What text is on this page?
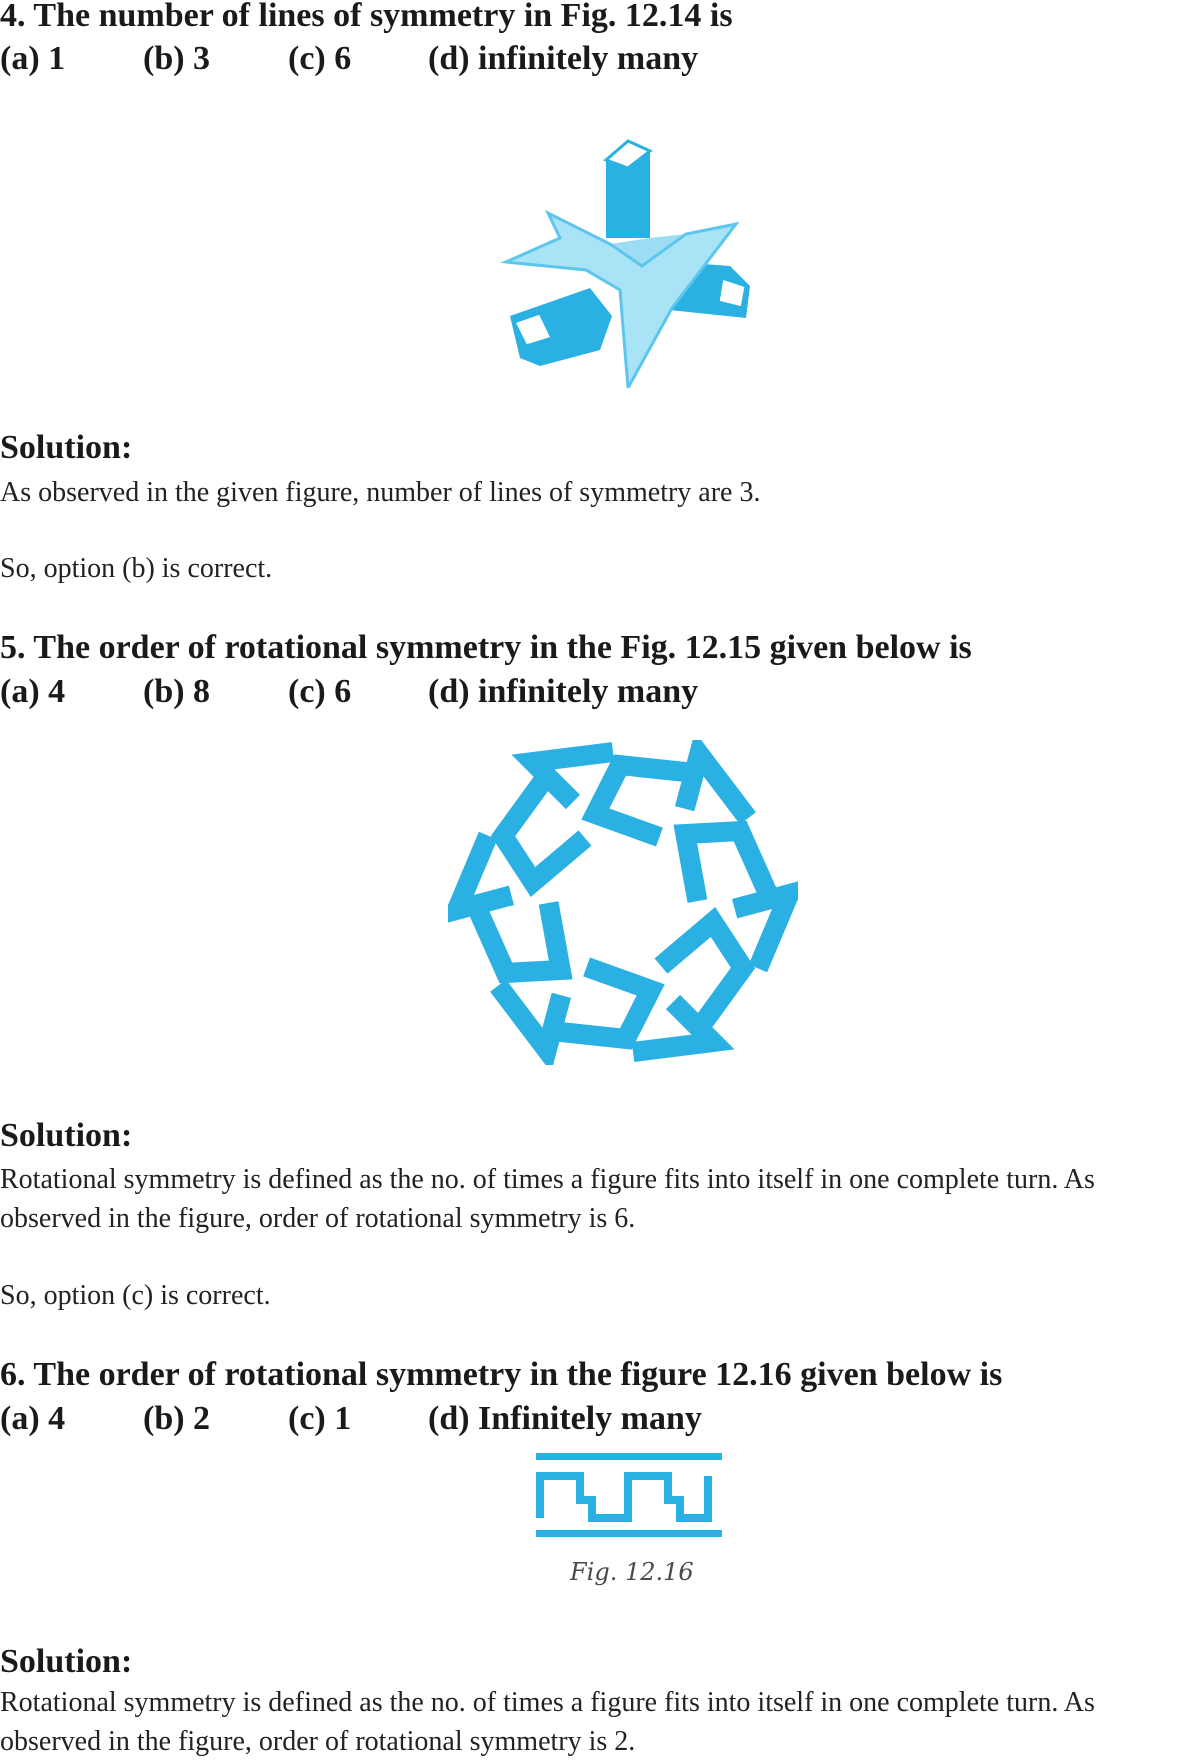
4. The number of lines of symmetry in Fig. 12.14 is
(a) 1 (b) 3 (c) 6 (d) infinitely many
Solution:

As observed in the given figure, number of lines of symmetry are 3.

So, option (b) is correct.

5. The order of rotational symmetry in the Fig. 12.15 given below is
(a) 4 (b) 8 (c) 6 (d) infinitely many
Solution:

Rotational symmetry is defined as the no. of times a figure fits into itself in one complete turn. As observed in the figure, order of rotational symmetry is 6.

So, option (c) is correct.

6. The order of rotational symmetry in the figure 12.16 given below is
(a) 4 (b) 2 (c) 1 (d) Infinitely many
Fig. 12.16
Solution:

Rotational symmetry is defined as the no. of times a figure fits into itself in one complete turn. As observed in the figure, order of rotational symmetry is 2.
